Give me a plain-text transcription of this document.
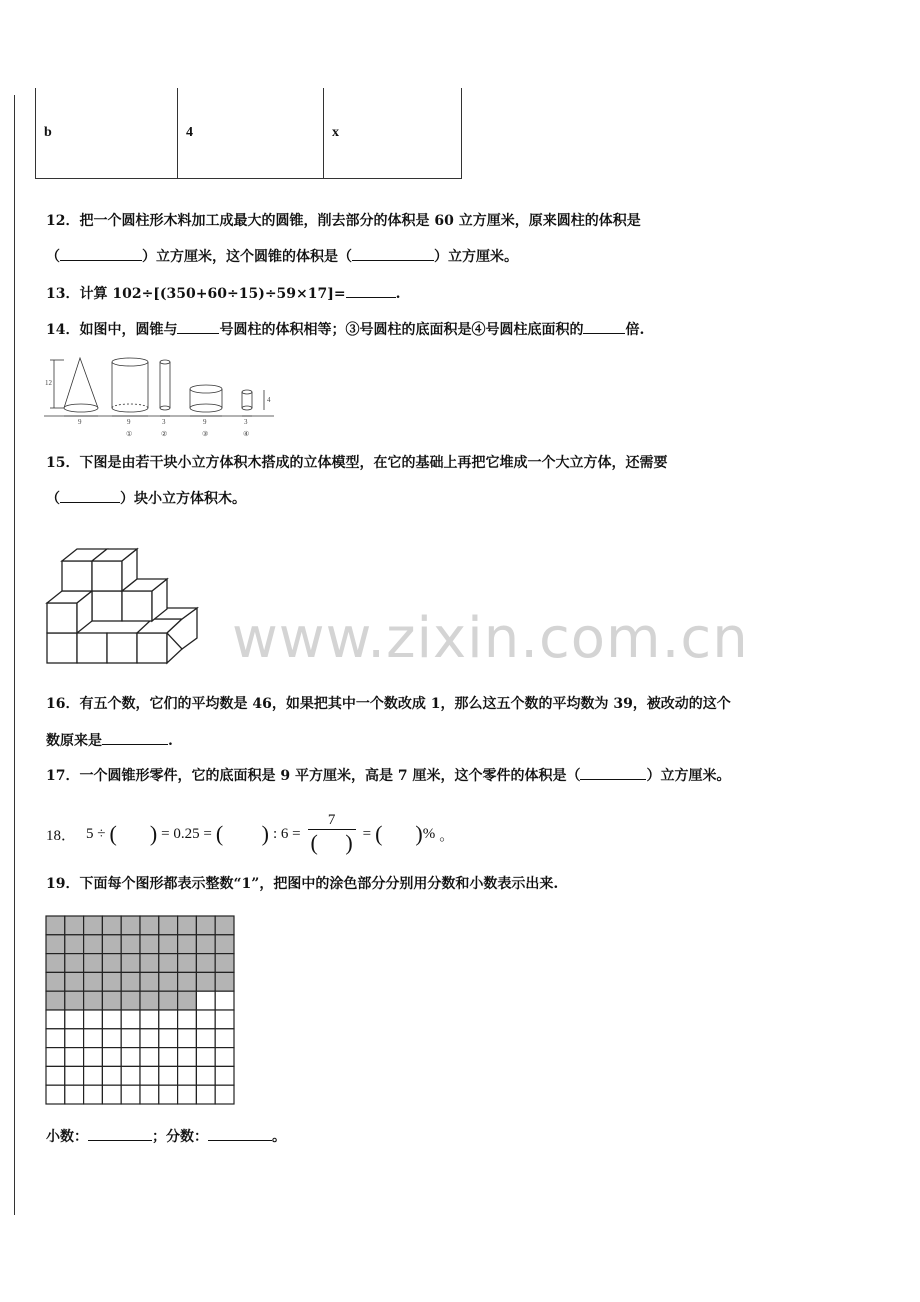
b	4	x
12．把一个圆柱形木料加工成最大的圆锥，削去部分的体积是 60 立方厘米，原来圆柱的体积是
（	）立方厘米，这个圆锥的体积是（	）立方厘米。
13．计算 102÷[(350+60÷15)÷59×17]=	.
14．如图中，圆锥与	号圆柱的体积相等；③号圆柱的底面积是④号圆柱底面积的	倍.
12
9	9	3	9	3
4
①	②	③	④
15．下图是由若干块小立方体积木搭成的立体模型，在它的基础上再把它堆成一个大立方体，还需要
（	）块小立方体积木。
www.zixin.com.cn
16．有五个数，它们的平均数是 46，如果把其中一个数改成 1，那么这五个数的平均数为 39，被改动的这个
数原来是	.
17．一个圆锥形零件，它的底面积是 9 平方厘米，高是 7 厘米，这个零件的体积是（	）立方厘米。
18． 5 ÷ (      ) = 0.25 = (       ) : $6 = \frac{7}{( )}$ = (      ) % 。
19．下面每个图形都表示整数“1”，把图中的涂色部分分别用分数和小数表示出来.
小数：	；分数：	。
